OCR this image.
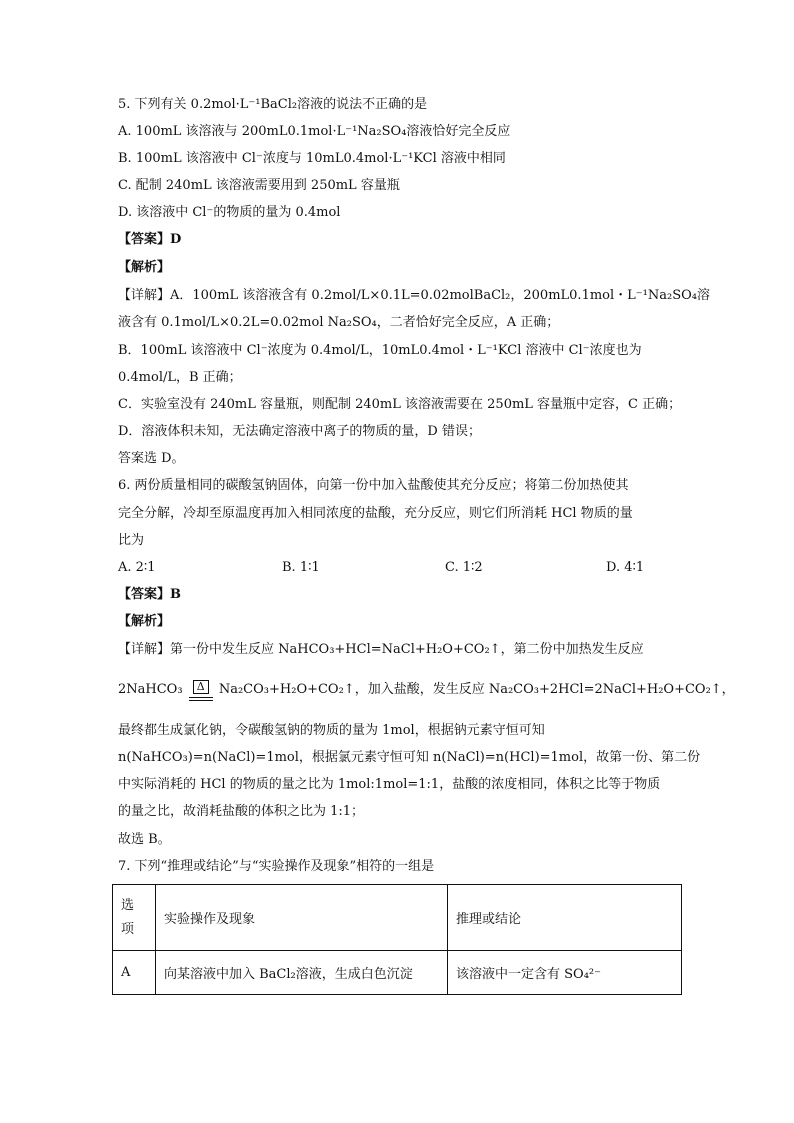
5. 下列有关 0.2mol·L⁻¹BaCl₂溶液的说法不正确的是
A. 100mL 该溶液与 200mL0.1mol·L⁻¹Na₂SO₄溶液恰好完全反应
B. 100mL 该溶液中 Cl⁻浓度与 10mL0.4mol·L⁻¹KCl 溶液中相同
C. 配制 240mL 该溶液需要用到 250mL 容量瓶
D. 该溶液中 Cl⁻的物质的量为 0.4mol
【答案】D
【解析】
【详解】A．100mL 该溶液含有 0.2mol/L×0.1L=0.02molBaCl₂，200mL0.1mol・L⁻¹Na₂SO₄溶
液含有 0.1mol/L×0.2L=0.02mol Na₂SO₄，二者恰好完全反应，A 正确；
B．100mL 该溶液中 Cl⁻浓度为 0.4mol/L，10mL0.4mol・L⁻¹KCl 溶液中 Cl⁻浓度也为
0.4mol/L，B 正确；
C．实验室没有 240mL 容量瓶，则配制 240mL 该溶液需要在 250mL 容量瓶中定容，C 正确；
D．溶液体积未知，无法确定溶液中离子的物质的量，D 错误；
答案选 D。
6. 两份质量相同的碳酸氢钠固体，向第一份中加入盐酸使其充分反应；将第二份加热使其
完全分解，冷却至原温度再加入相同浓度的盐酸，充分反应，则它们所消耗 HCl 物质的量
比为
A. 2∶1	B. 1∶1	C. 1∶2	D. 4∶1
【答案】B
【解析】
【详解】第一份中发生反应 NaHCO₃+HCl=NaCl+H₂O+CO₂↑，第二份中加热发生反应
2NaHCO₃ Δ Na₂CO₃+H₂O+CO₂↑，加入盐酸，发生反应 Na₂CO₃+2HCl=2NaCl+H₂O+CO₂↑，
最终都生成氯化钠，令碳酸氢钠的物质的量为 1mol，根据钠元素守恒可知
n(NaHCO₃)=n(NaCl)=1mol，根据氯元素守恒可知 n(NaCl)=n(HCl)=1mol，故第一份、第二份
中实际消耗的 HCl 的物质的量之比为 1mol:1mol=1:1，盐酸的浓度相同，体积之比等于物质
的量之比，故消耗盐酸的体积之比为 1:1；
故选 B。
7. 下列“推理或结论”与“实验操作及现象”相符的一组是
选项	实验操作及现象	推理或结论
A	向某溶液中加入 BaCl₂溶液，生成白色沉淀	该溶液中一定含有 SO₄²⁻
